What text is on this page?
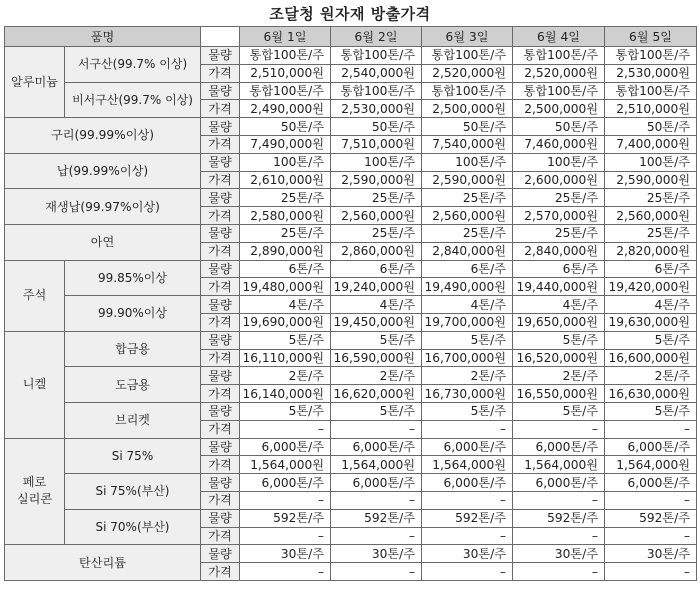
조달청 원자재 방출가격
품명			6월 1일	6월 2일	6월 3일	6월 4일	6월 5일
알루미늄	서구산(99.7% 이상)	물량	통합100톤/주	통합100톤/주	통합100톤/주	통합100톤/주	통합100톤/주
		가격	2,510,000원	2,540,000원	2,520,000원	2,520,000원	2,530,000원
	비서구산(99.7% 이상)	물량	통합100톤/주	통합100톤/주	통합100톤/주	통합100톤/주	통합100톤/주
		가격	2,490,000원	2,530,000원	2,500,000원	2,500,000원	2,510,000원
구리(99.99%이상)		물량	50톤/주	50톤/주	50톤/주	50톤/주	50톤/주
		가격	7,490,000원	7,510,000원	7,540,000원	7,460,000원	7,400,000원
납(99.99%이상)		물량	100톤/주	100톤/주	100톤/주	100톤/주	100톤/주
		가격	2,610,000원	2,590,000원	2,590,000원	2,600,000원	2,590,000원
재생납(99.97%이상)		물량	25톤/주	25톤/주	25톤/주	25톤/주	25톤/주
		가격	2,580,000원	2,560,000원	2,560,000원	2,570,000원	2,560,000원
아연		물량	25톤/주	25톤/주	25톤/주	25톤/주	25톤/주
		가격	2,890,000원	2,860,000원	2,840,000원	2,840,000원	2,820,000원
주석	99.85%이상	물량	6톤/주	6톤/주	6톤/주	6톤/주	6톤/주
		가격	19,480,000원	19,240,000원	19,490,000원	19,440,000원	19,420,000원
	99.90%이상	물량	4톤/주	4톤/주	4톤/주	4톤/주	4톤/주
		가격	19,690,000원	19,450,000원	19,700,000원	19,650,000원	19,630,000원
니켈	합금용	물량	5톤/주	5톤/주	5톤/주	5톤/주	5톤/주
		가격	16,110,000원	16,590,000원	16,700,000원	16,520,000원	16,600,000원
	도금용	물량	2톤/주	2톤/주	2톤/주	2톤/주	2톤/주
		가격	16,140,000원	16,620,000원	16,730,000원	16,550,000원	16,630,000원
	브리켓	물량	5톤/주	5톤/주	5톤/주	5톤/주	5톤/주
		가격	–	–	–	–	–
페로
실리콘	Si 75%	물량	6,000톤/주	6,000톤/주	6,000톤/주	6,000톤/주	6,000톤/주
		가격	1,564,000원	1,564,000원	1,564,000원	1,564,000원	1,564,000원
	Si 75%(부산)	물량	6,000톤/주	6,000톤/주	6,000톤/주	6,000톤/주	6,000톤/주
		가격	–	–	–	–	–
	Si 70%(부산)	물량	592톤/주	592톤/주	592톤/주	592톤/주	592톤/주
		가격	–	–	–	–	–
탄산리튬		물량	30톤/주	30톤/주	30톤/주	30톤/주	30톤/주
		가격	–	–	–	–	–
